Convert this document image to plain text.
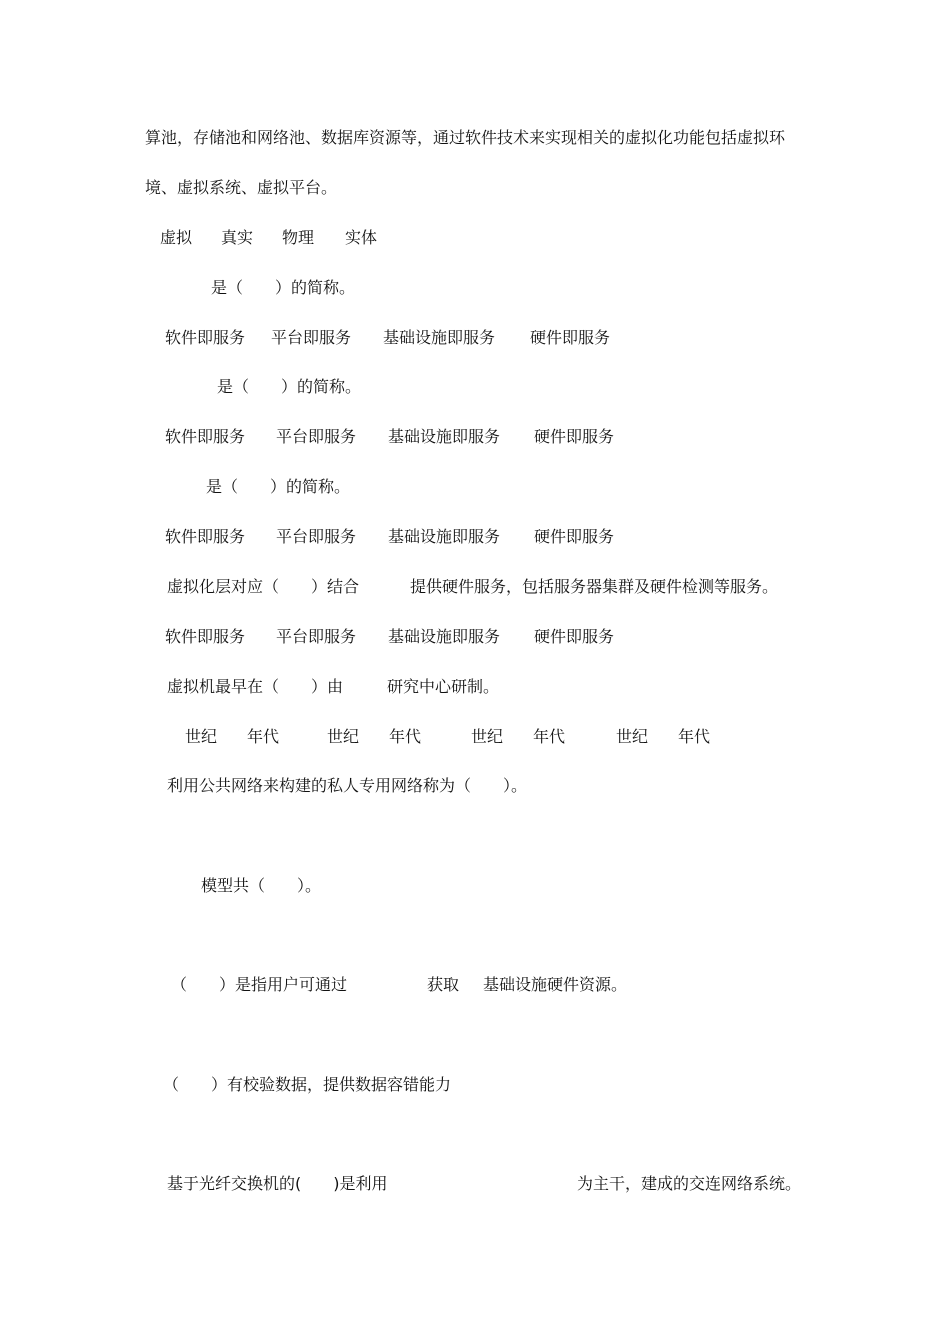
算池，存储池和网络池、数据库资源等，通过软件技术来实现相关的虚拟化功能包括虚拟环
境、虚拟系统、虚拟平台。
虚拟 真实 物理 实体
是（　　）的简称。
软件即服务 平台即服务 基础设施即服务 硬件即服务
是（　　）的简称。
软件即服务 平台即服务 基础设施即服务 硬件即服务
是（　　）的简称。
软件即服务 平台即服务 基础设施即服务 硬件即服务
虚拟化层对应（　　）结合	提供硬件服务，包括服务器集群及硬件检测等服务。
软件即服务 平台即服务 基础设施即服务 硬件即服务
虚拟机最早在（　　）由	研究中心研制。
世纪 年代	世纪 年代	世纪 年代	世纪 年代
利用公共网络来构建的私人专用网络称为（　　）。
模型共（　　）。
（　　）是指用户可通过	获取 基础设施硬件资源。
（　　）有校验数据，提供数据容错能力
基于光纤交换机的(　　)是利用	为主干，建成的交连网络系统。
